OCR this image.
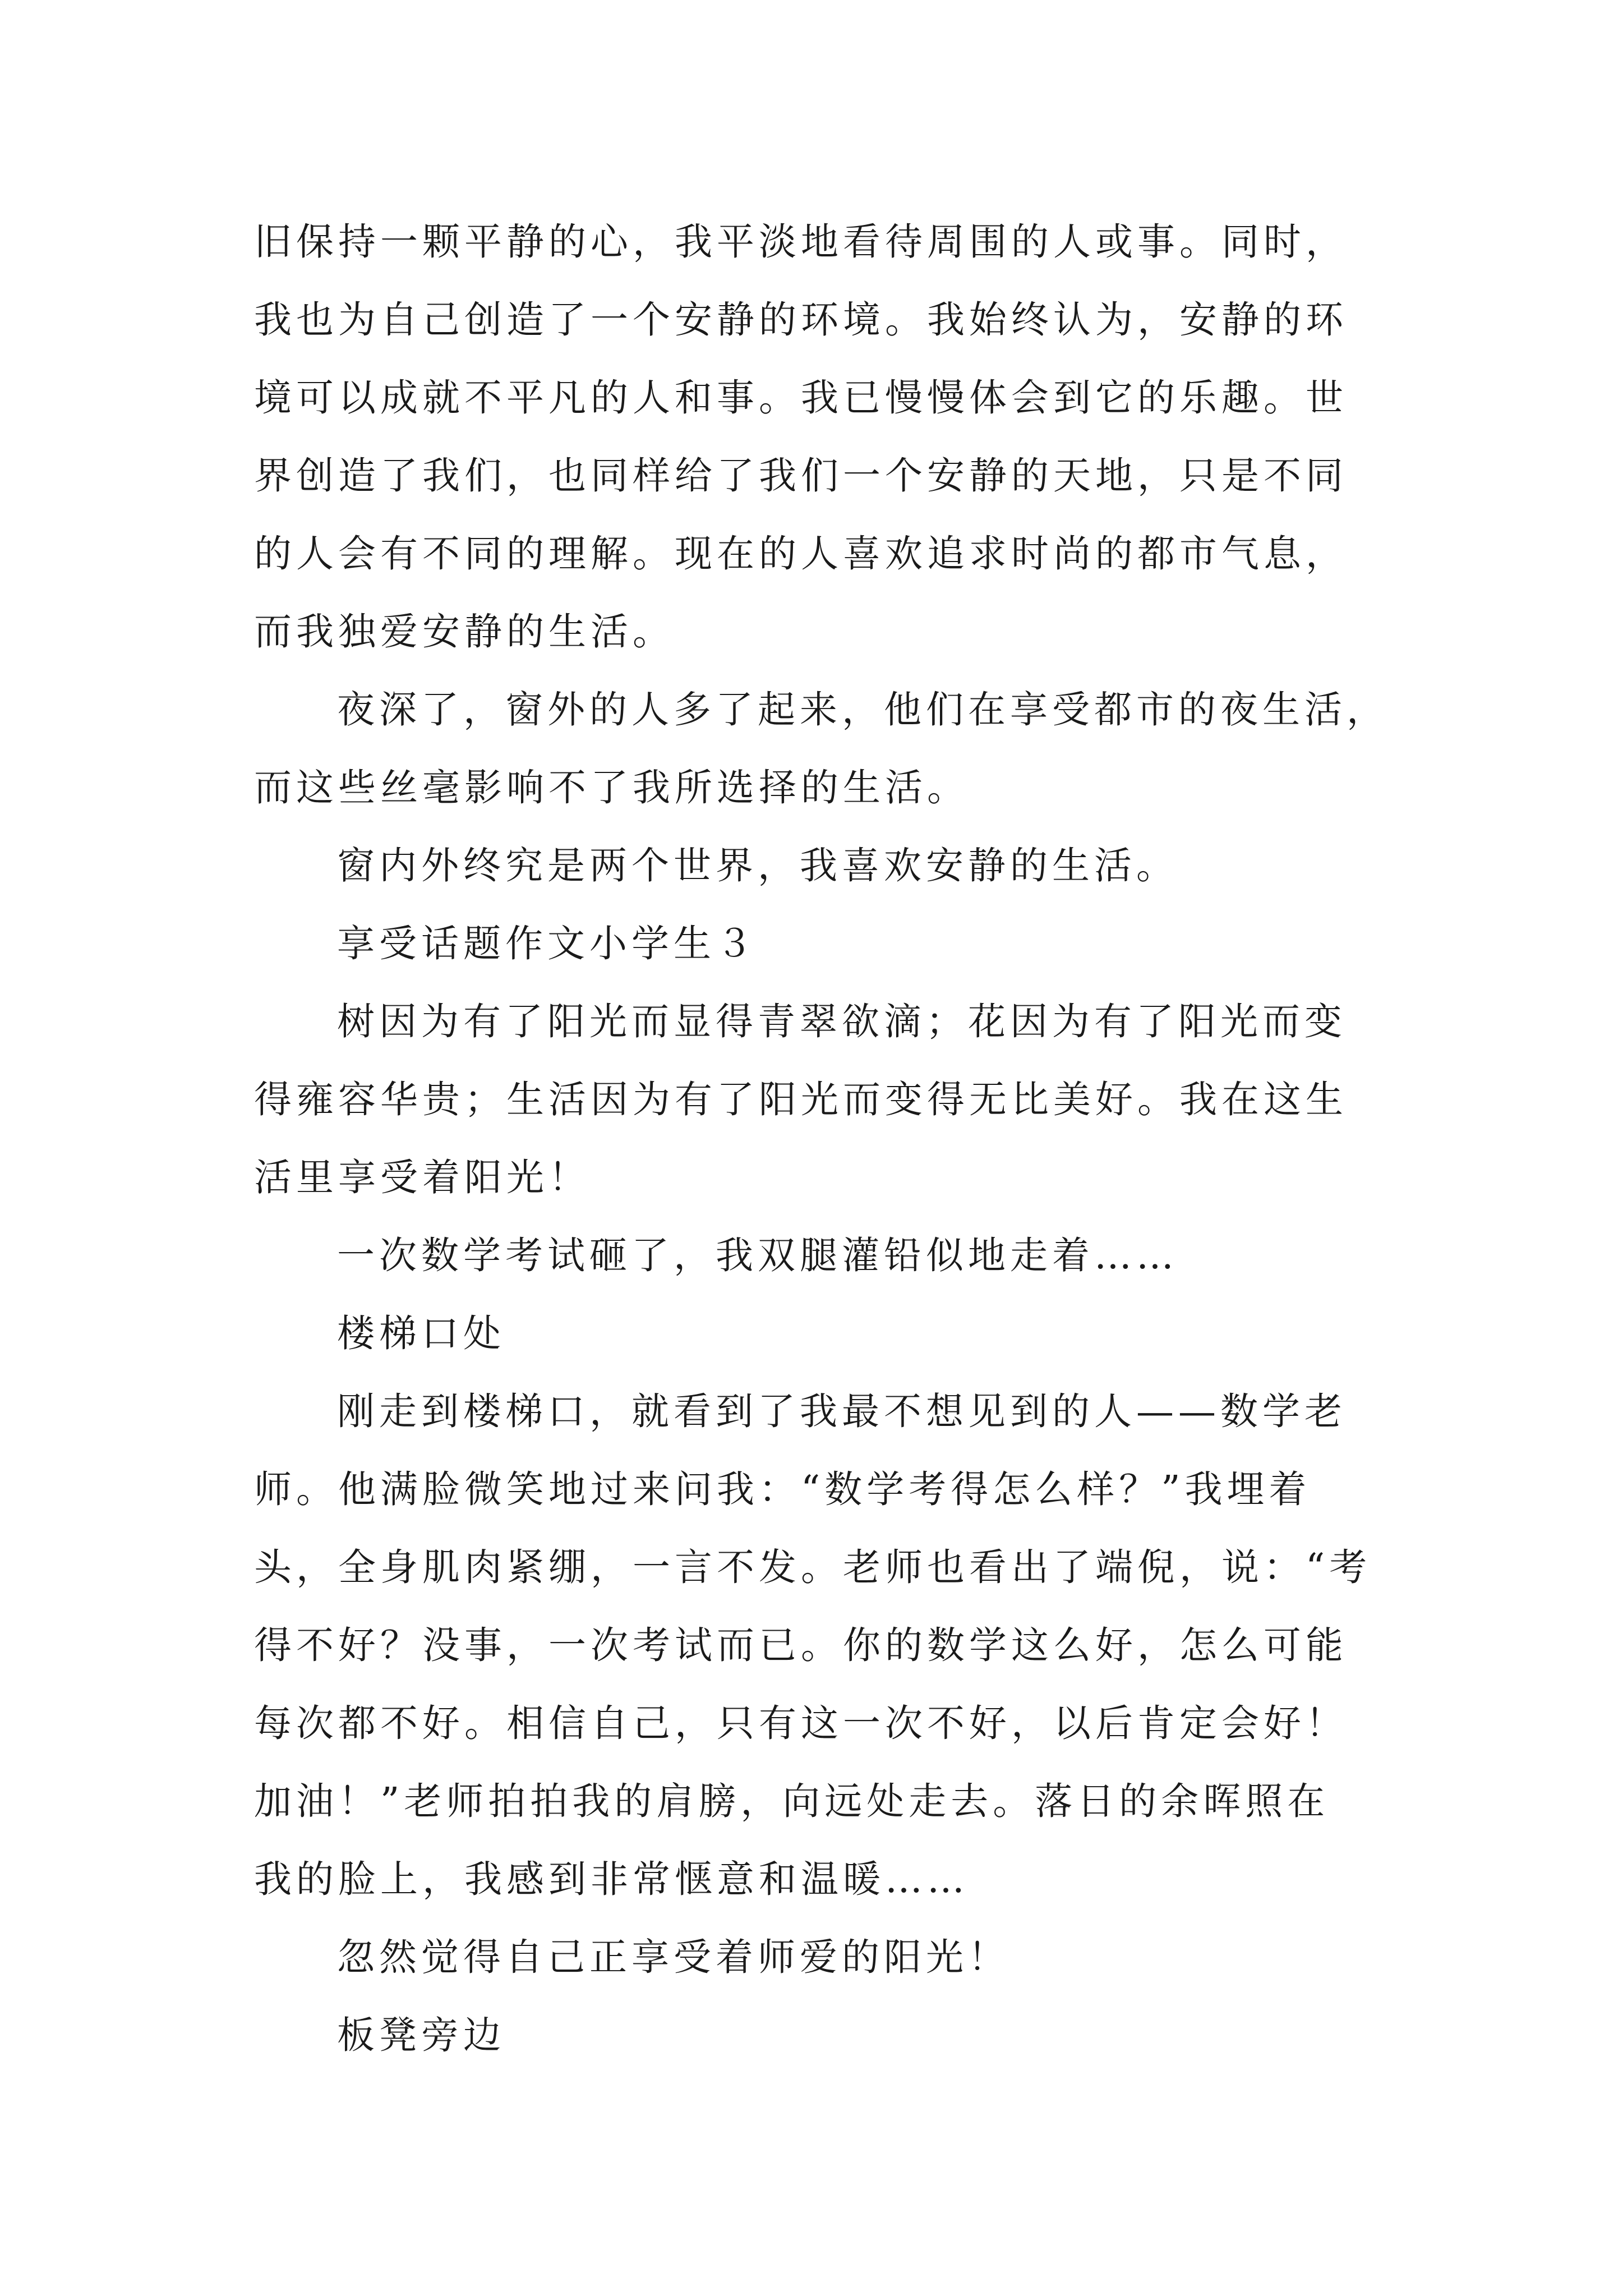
旧保持一颗平静的心，我平淡地看待周围的人或事。同时，
我也为自己创造了一个安静的环境。我始终认为，安静的环
境可以成就不平凡的人和事。我已慢慢体会到它的乐趣。世
界创造了我们，也同样给了我们一个安静的天地，只是不同
的人会有不同的理解。现在的人喜欢追求时尚的都市气息，
而我独爱安静的生活。
夜深了，窗外的人多了起来，他们在享受都市的夜生活，
而这些丝毫影响不了我所选择的生活。
窗内外终究是两个世界，我喜欢安静的生活。
享受话题作文小学生３
树因为有了阳光而显得青翠欲滴；花因为有了阳光而变
得雍容华贵；生活因为有了阳光而变得无比美好。我在这生
活里享受着阳光！
一次数学考试砸了，我双腿灌铅似地走着……
楼梯口处
刚走到楼梯口，就看到了我最不想见到的人——数学老
师。他满脸微笑地过来问我：“数学考得怎么样？”我埋着
头，全身肌肉紧绷，一言不发。老师也看出了端倪，说：“考
得不好？没事，一次考试而已。你的数学这么好，怎么可能
每次都不好。相信自己，只有这一次不好，以后肯定会好！
加油！”老师拍拍我的肩膀，向远处走去。落日的余晖照在
我的脸上，我感到非常惬意和温暖……
忽然觉得自己正享受着师爱的阳光！
板凳旁边
